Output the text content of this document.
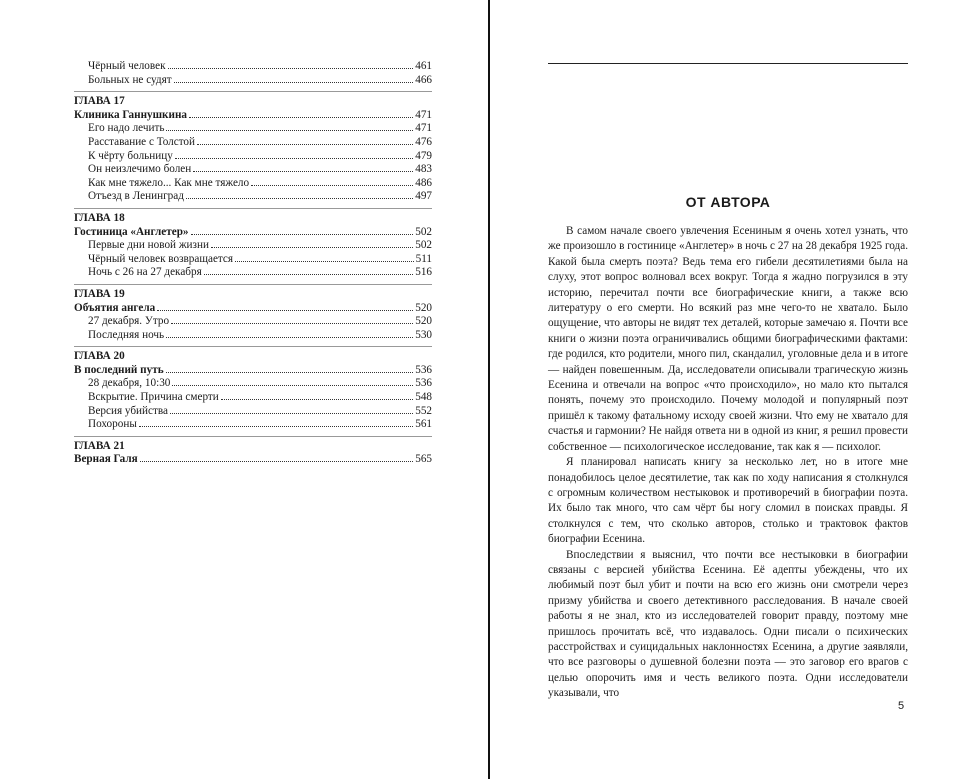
Чёрный человек	461
Больных не судят	466
ГЛАВА 17
Клиника Ганнушкина	471
Его надо лечить	471
Расставание с Толстой	476
К чёрту больницу	479
Он неизлечимо болен	483
Как мне тяжело... Как мне тяжело	486
Отъезд в Ленинград	497
ГЛАВА 18
Гостиница «Англетер»	502
Первые дни новой жизни	502
Чёрный человек возвращается	511
Ночь с 26 на 27 декабря	516
ГЛАВА 19
Объятия ангела	520
27 декабря. Утро	520
Последняя ночь	530
ГЛАВА 20
В последний путь	536
28 декабря, 10:30	536
Вскрытие. Причина смерти	548
Версия убийства	552
Похороны	561
ГЛАВА 21
Верная Галя	565
ОТ АВТОРА

В самом начале своего увлечения Есениным я очень хотел узнать, что же произошло в гостинице «Англетер» в ночь с 27 на 28 декабря 1925 года. Какой была смерть поэта? Ведь тема его гибели десятилетиями была на слуху, этот вопрос волновал всех вокруг. Тогда я жадно погрузился в эту историю, перечитал почти все биографические книги, а также всю литературу о его смерти. Но всякий раз мне чего-то не хватало. Было ощущение, что авторы не видят тех деталей, которые замечаю я. Почти все книги о жизни поэта ограничивались общими биографическими фактами: где родился, кто родители, много пил, скандалил, уголовные дела и в итоге — найден повешенным. Да, исследователи описывали трагическую жизнь Есенина и отвечали на вопрос «что происходило», но мало кто пытался понять, почему это происходило. Почему молодой и популярный поэт пришёл к такому фатальному исходу своей жизни. Что ему не хватало для счастья и гармонии? Не найдя ответа ни в одной из книг, я решил провести собственное — психологическое исследование, так как я — психолог.

Я планировал написать книгу за несколько лет, но в итоге мне понадобилось целое десятилетие, так как по ходу написания я столкнулся с огромным количеством нестыковок и противоречий в биографии поэта. Их было так много, что сам чёрт бы ногу сломил в поисках правды. Я столкнулся с тем, что сколько авторов, столько и трактовок фактов биографии Есенина.

Впоследствии я выяснил, что почти все нестыковки в биографии связаны с версией убийства Есенина. Её адепты убеждены, что их любимый поэт был убит и почти на всю его жизнь они смотрели через призму убийства и своего детективного расследования. В начале своей работы я не знал, кто из исследователей говорит правду, поэтому мне пришлось прочитать всё, что издавалось. Одни писали о психических расстройствах и суицидальных наклонностях Есенина, а другие заявляли, что все разговоры о душевной болезни поэта — это заговор его врагов с целью опорочить имя и честь великого поэта. Одни исследователи указывали, что

5
